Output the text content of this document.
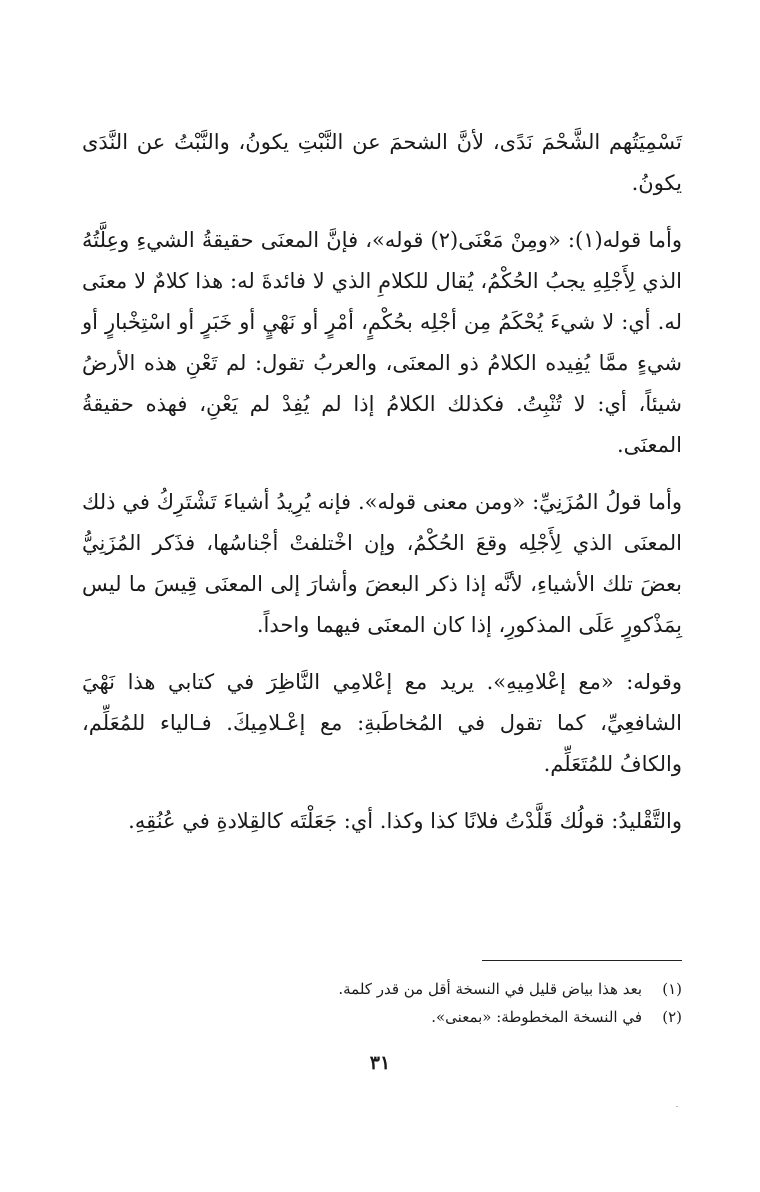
تَسْمِيَتُهم الشَّحْمَ نَدًى، لأنَّ الشحمَ عن النَّبْتِ يكونُ، والنَّبْتُ عن النَّدَى يكونُ.

وأما قوله(١): «ومِنْ مَعْنَى(٢) قوله»، فإنَّ المعنَى حقيقةُ الشيءِ وعِلَّتُهُ الذي لِأَجْلِهِ يجبُ الحُكْمُ، يُقال للكلامِ الذي لا فائدةَ له: هذا كلامٌ لا معنَى له. أي: لا شيءَ يُحْكَمُ مِن أجْلِه بحُكْمٍ، أمْرٍ أو نَهْيٍ أو خَبَرٍ أو اسْتِخْبارٍ أو شيءٍ ممَّا يُفِيده الكلامُ ذو المعنَى، والعربُ تقول: لم تَعْنِ هذه الأرضُ شيئاً، أي: لا تُنْبِتُ. فكذلك الكلامُ إذا لم يُفِدْ لم يَعْنِ، فهذه حقيقةُ المعنَى.

وأما قولُ المُزَنِيِّ: «ومن معنى قوله». فإنه يُرِيدُ أشياءَ تَشْتَرِكُ في ذلك المعنَى الذي لِأَجْلِه وقعَ الحُكْمُ، وإن اخْتلفتْ أجْناسُها، فذَكر المُزَنِيُّ بعضَ تلك الأشياءِ، لأنَّه إذا ذكر البعضَ وأشارَ إلى المعنَى قِيسَ ما ليس بِمَذْكورٍ عَلَى المذكورِ، إذا كان المعنَى فيهما واحداً.

وقوله: «مع إعْلامِيهِ». يريد مع إعْلامِي النَّاظِرَ في كتابي هذا نَهْيَ الشافعِيِّ، كما تقول في المُخاطَبةِ: مع إعْـلامِيكَ. فـالياء للمُعَلِّم، والكافُ للمُتَعَلِّم.

والتَّقْليدُ: قولُك قَلَّدْتُ فلانًا كذا وكذا. أي: جَعَلْتَه كالقِلادةِ في عُنُقِهِ.

(١)
بعد هذا بياض قليل في النسخة أقل من قدر كلمة.
(٢)
في النسخة المخطوطة: «بمعنى».
٣١
